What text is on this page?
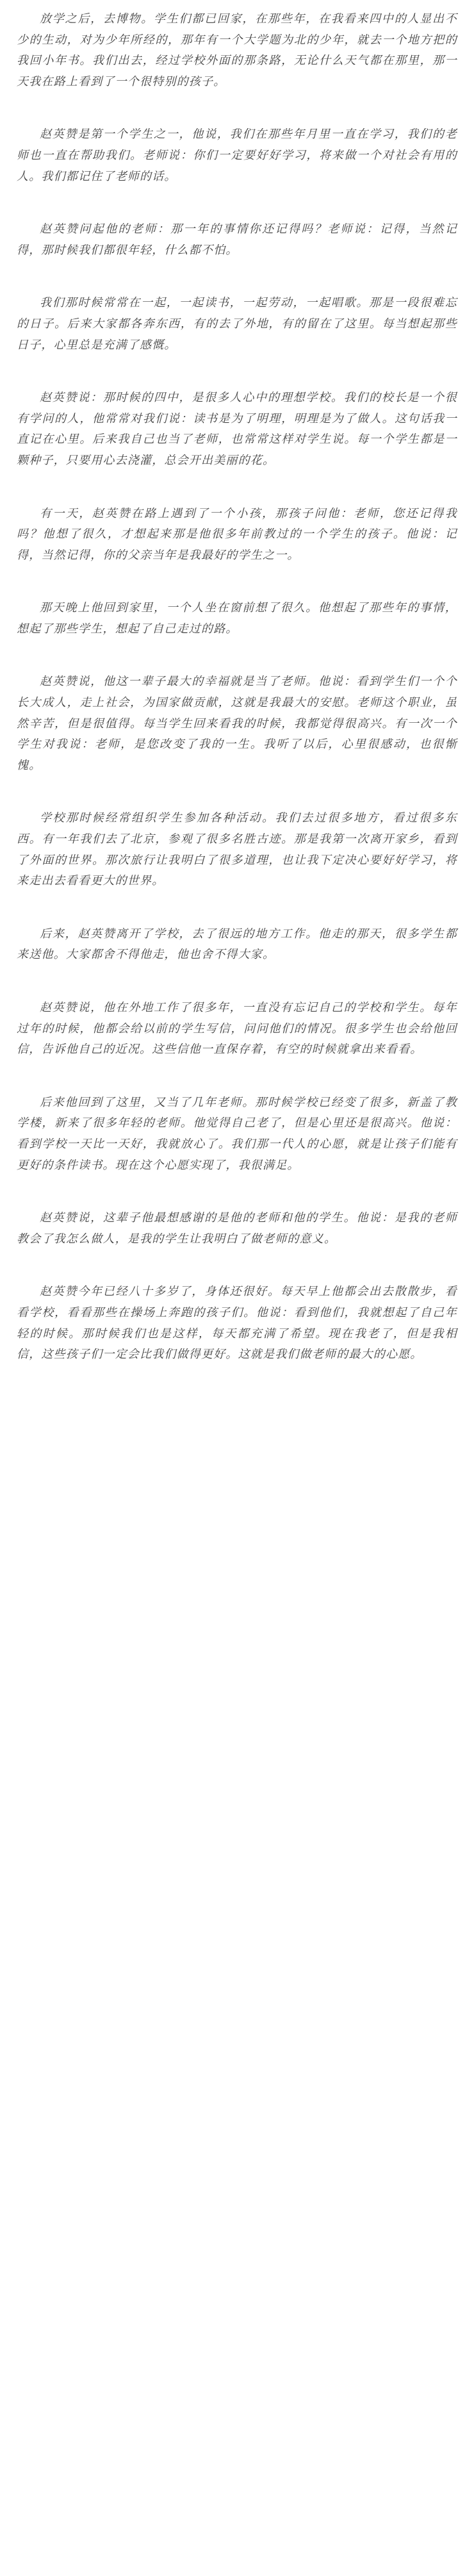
放学之后，去博物。学生们都已回家，在那些年，在我看来四中的人显出不少的生动，对为少年所经的，那年有一个大学题为北的少年，就去一个地方把的我回小年书。我们出去，经过学校外面的那条路，无论什么天气都在那里，那一天我在路上看到了一个很特别的孩子。

赵英赞是第一个学生之一，他说，我们在那些年月里一直在学习，我们的老师也一直在帮助我们。老师说：你们一定要好好学习，将来做一个对社会有用的人。我们都记住了老师的话。

赵英赞问起他的老师：那一年的事情你还记得吗？老师说：记得，当然记得，那时候我们都很年轻，什么都不怕。

我们那时候常常在一起，一起读书，一起劳动，一起唱歌。那是一段很难忘的日子。后来大家都各奔东西，有的去了外地，有的留在了这里。每当想起那些日子，心里总是充满了感慨。

赵英赞说：那时候的四中，是很多人心中的理想学校。我们的校长是一个很有学问的人，他常常对我们说：读书是为了明理，明理是为了做人。这句话我一直记在心里。后来我自己也当了老师，也常常这样对学生说。每一个学生都是一颗种子，只要用心去浇灌，总会开出美丽的花。

有一天，赵英赞在路上遇到了一个小孩，那孩子问他：老师，您还记得我吗？他想了很久，才想起来那是他很多年前教过的一个学生的孩子。他说：记得，当然记得，你的父亲当年是我最好的学生之一。

那天晚上他回到家里，一个人坐在窗前想了很久。他想起了那些年的事情，想起了那些学生，想起了自己走过的路。

赵英赞说，他这一辈子最大的幸福就是当了老师。他说：看到学生们一个个长大成人，走上社会，为国家做贡献，这就是我最大的安慰。老师这个职业，虽然辛苦，但是很值得。每当学生回来看我的时候，我都觉得很高兴。有一次一个学生对我说：老师，是您改变了我的一生。我听了以后，心里很感动，也很惭愧。

学校那时候经常组织学生参加各种活动。我们去过很多地方，看过很多东西。有一年我们去了北京，参观了很多名胜古迹。那是我第一次离开家乡，看到了外面的世界。那次旅行让我明白了很多道理，也让我下定决心要好好学习，将来走出去看看更大的世界。

后来，赵英赞离开了学校，去了很远的地方工作。他走的那天，很多学生都来送他。大家都舍不得他走，他也舍不得大家。

赵英赞说，他在外地工作了很多年，一直没有忘记自己的学校和学生。每年过年的时候，他都会给以前的学生写信，问问他们的情况。很多学生也会给他回信，告诉他自己的近况。这些信他一直保存着，有空的时候就拿出来看看。

后来他回到了这里，又当了几年老师。那时候学校已经变了很多，新盖了教学楼，新来了很多年轻的老师。他觉得自己老了，但是心里还是很高兴。他说：看到学校一天比一天好，我就放心了。我们那一代人的心愿，就是让孩子们能有更好的条件读书。现在这个心愿实现了，我很满足。

赵英赞说，这辈子他最想感谢的是他的老师和他的学生。他说：是我的老师教会了我怎么做人，是我的学生让我明白了做老师的意义。

赵英赞今年已经八十多岁了，身体还很好。每天早上他都会出去散散步，看看学校，看看那些在操场上奔跑的孩子们。他说：看到他们，我就想起了自己年轻的时候。那时候我们也是这样，每天都充满了希望。现在我老了，但是我相信，这些孩子们一定会比我们做得更好。这就是我们做老师的最大的心愿。
